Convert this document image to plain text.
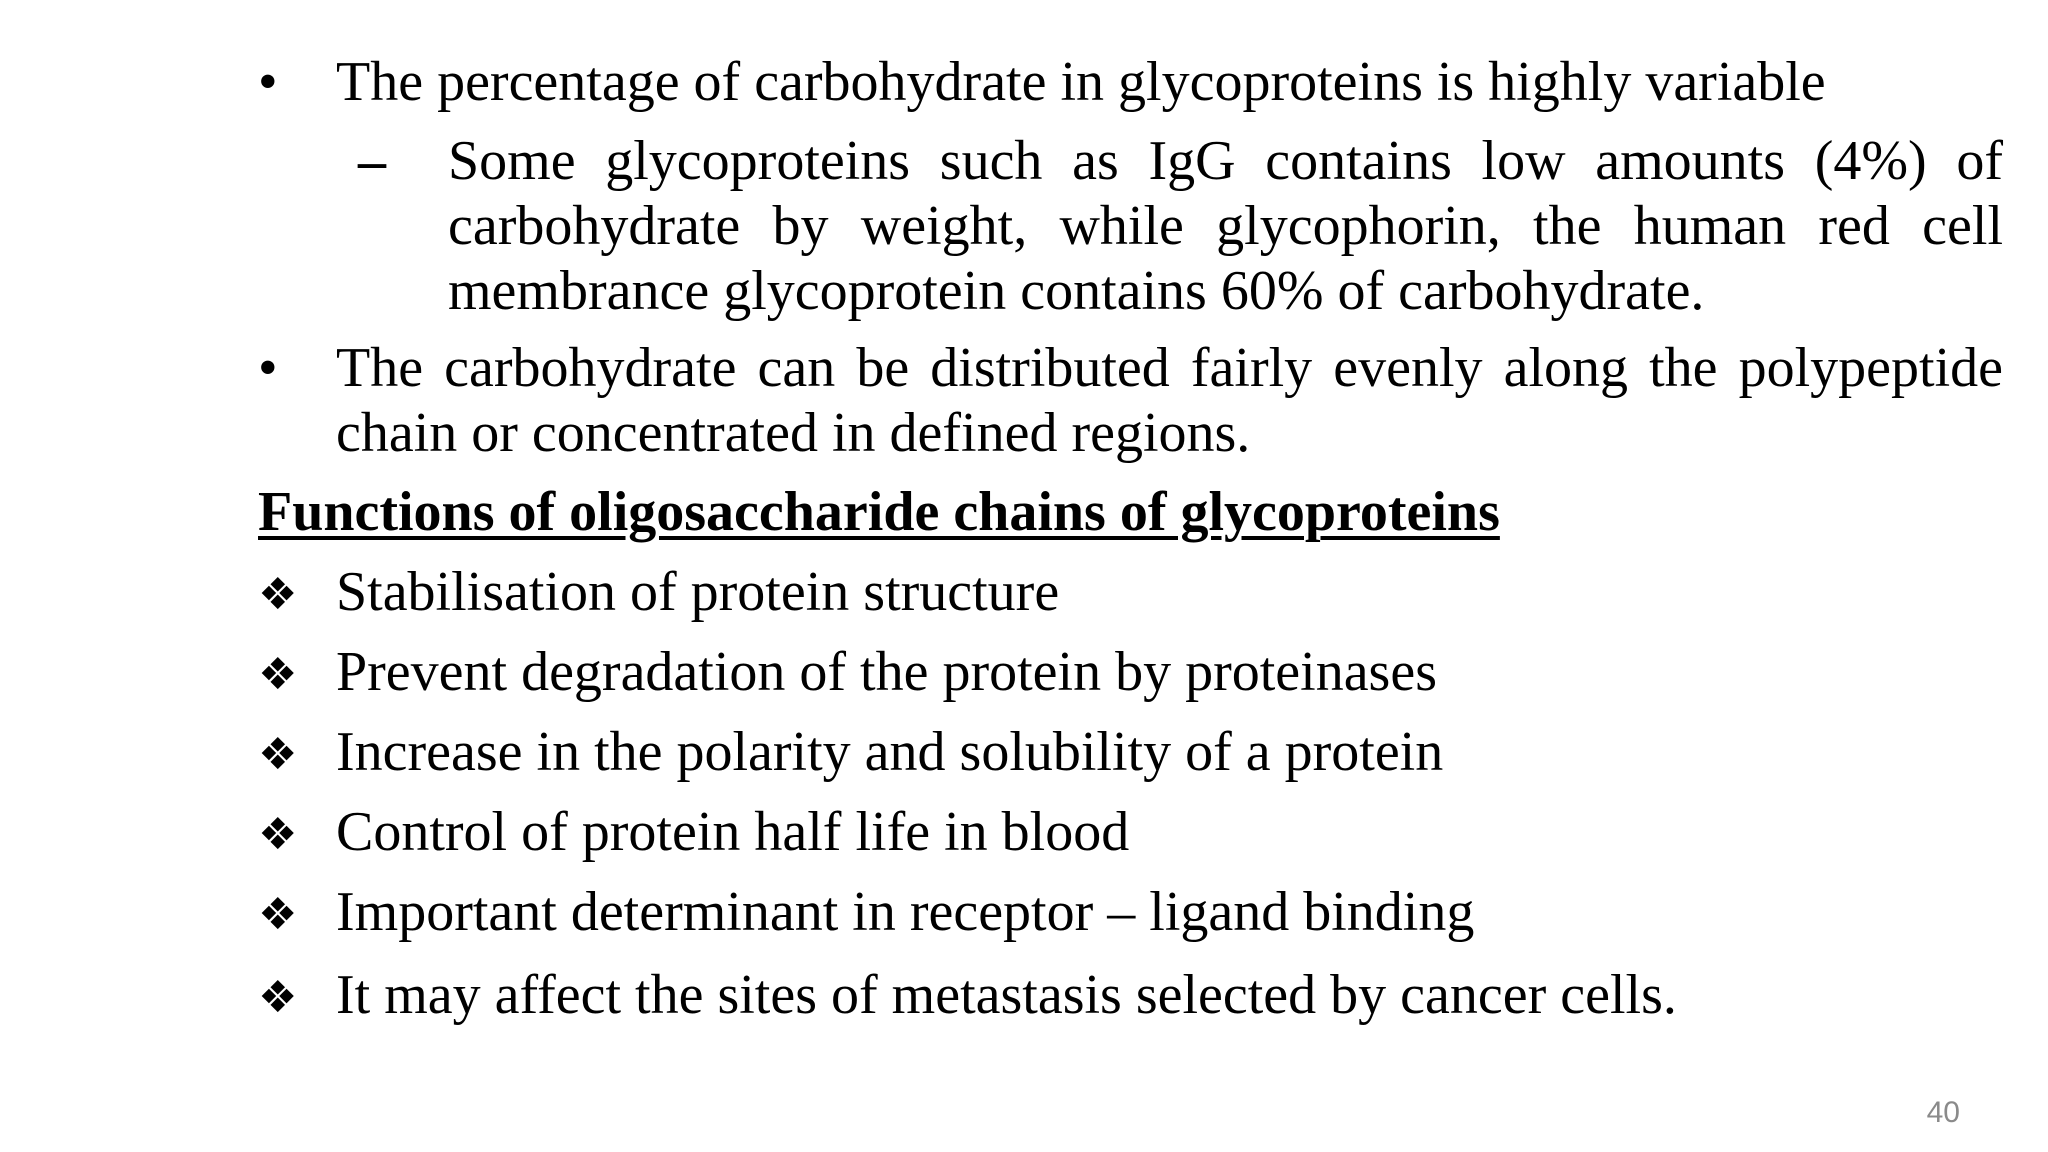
• The percentage of carbohydrate in glycoproteins is highly variable
– Some glycoproteins such as IgG contains low amounts (4%) of carbohydrate by weight, while glycophorin, the human red cell membrance glycoprotein contains 60% of carbohydrate.
• The carbohydrate can be distributed fairly evenly along the polypeptide chain or concentrated in defined regions.
Functions of oligosaccharide chains of glycoproteins
❖ Stabilisation of protein structure
❖ Prevent degradation of the protein by proteinases
❖ Increase in the polarity and solubility of a protein
❖ Control of protein half life in blood
❖ Important determinant in receptor – ligand binding
❖ It may affect the sites of metastasis selected by cancer cells.
40
